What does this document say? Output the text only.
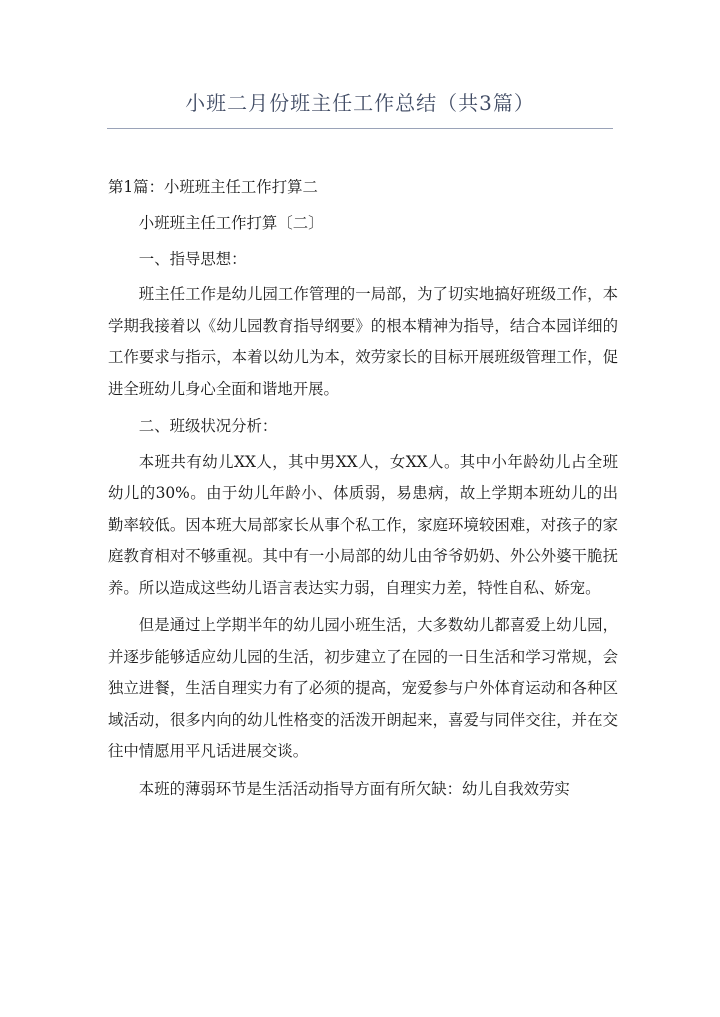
小班二月份班主任工作总结（共3篇）

第1篇：小班班主任工作打算二

小班班主任工作打算〔二〕

一、指导思想：

班主任工作是幼儿园工作管理的一局部，为了切实地搞好班级工作，本学期我接着以《幼儿园教育指导纲要》的根本精神为指导，结合本园详细的工作要求与指示，本着以幼儿为本，效劳家长的目标开展班级管理工作，促进全班幼儿身心全面和谐地开展。

二、班级状况分析：

本班共有幼儿XX人，其中男XX人，女XX人。其中小年龄幼儿占全班幼儿的30%。由于幼儿年龄小、体质弱，易患病，故上学期本班幼儿的出勤率较低。因本班大局部家长从事个私工作，家庭环境较困难，对孩子的家庭教育相对不够重视。其中有一小局部的幼儿由爷爷奶奶、外公外婆干脆抚养。所以造成这些幼儿语言表达实力弱，自理实力差，特性自私、娇宠。

但是通过上学期半年的幼儿园小班生活，大多数幼儿都喜爱上幼儿园，并逐步能够适应幼儿园的生活，初步建立了在园的一日生活和学习常规，会独立进餐，生活自理实力有了必须的提高，宠爱参与户外体育运动和各种区域活动，很多内向的幼儿性格变的活泼开朗起来，喜爱与同伴交往，并在交往中情愿用平凡话进展交谈。

本班的薄弱环节是生活活动指导方面有所欠缺：幼儿自我效劳实
